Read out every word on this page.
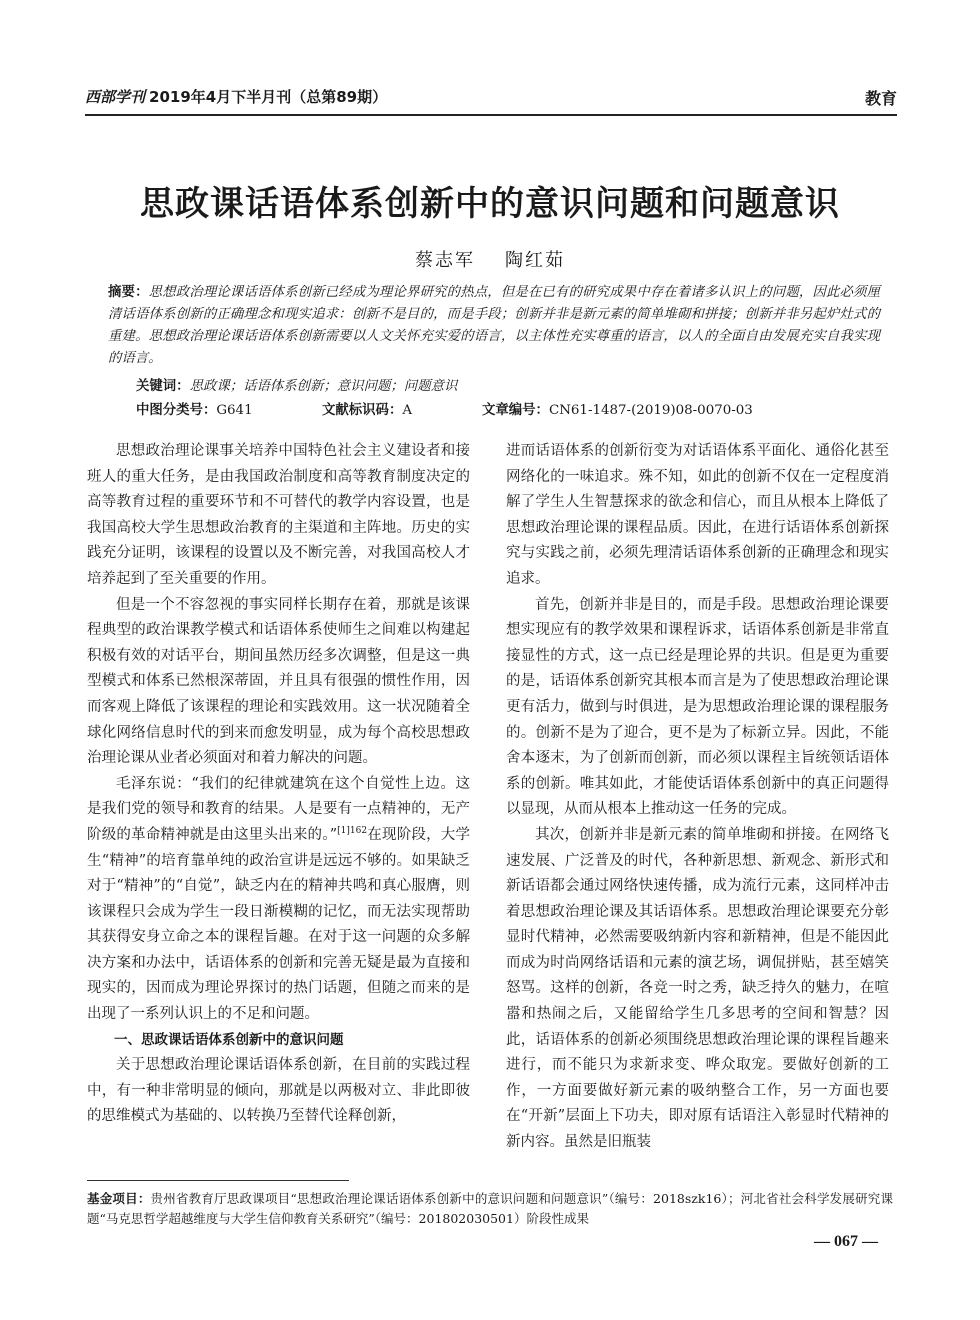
西部学刊 2019年4月下半月刊（总第89期）	教育
思政课话语体系创新中的意识问题和问题意识
蔡志军 陶红茹
摘要：思想政治理论课话语体系创新已经成为理论界研究的热点，但是在已有的研究成果中存在着诸多认识上的问题，因此必须厘清话语体系创新的正确理念和现实追求：创新不是目的，而是手段；创新并非是新元素的简单堆砌和拼接；创新并非另起炉灶式的重建。思想政治理论课话语体系创新需要以人文关怀充实爱的语言，以主体性充实尊重的语言，以人的全面自由发展充实自我实现的语言。
关键词：思政课；话语体系创新；意识问题；问题意识
中图分类号：G641	文献标识码：A	文章编号：CN61-1487-(2019)08-0070-03

思想政治理论课事关培养中国特色社会主义建设者和接班人的重大任务，是由我国政治制度和高等教育制度决定的高等教育过程的重要环节和不可替代的教学内容设置，也是我国高校大学生思想政治教育的主渠道和主阵地。历史的实践充分证明，该课程的设置以及不断完善，对我国高校人才培养起到了至关重要的作用。

但是一个不容忽视的事实同样长期存在着，那就是该课程典型的政治课教学模式和话语体系使师生之间难以构建起积极有效的对话平台，期间虽然历经多次调整，但是这一典型模式和体系已然根深蒂固，并且具有很强的惯性作用，因而客观上降低了该课程的理论和实践效用。这一状况随着全球化网络信息时代的到来而愈发明显，成为每个高校思想政治理论课从业者必须面对和着力解决的问题。

毛泽东说：“我们的纪律就建筑在这个自觉性上边。这是我们党的领导和教育的结果。人是要有一点精神的，无产阶级的革命精神就是由这里头出来的。”$^{[1]162}$在现阶段，大学生“精神”的培育靠单纯的政治宣讲是远远不够的。如果缺乏对于“精神”的“自觉”，缺乏内在的精神共鸣和真心服膺，则该课程只会成为学生一段日渐模糊的记忆，而无法实现帮助其获得安身立命之本的课程旨趣。在对于这一问题的众多解决方案和办法中，话语体系的创新和完善无疑是最为直接和现实的，因而成为理论界探讨的热门话题，但随之而来的是出现了一系列认识上的不足和问题。

一、思政课话语体系创新中的意识问题

关于思想政治理论课话语体系创新，在目前的实践过程中，有一种非常明显的倾向，那就是以两极对立、非此即彼的思维模式为基础的、以转换乃至替代诠释创新，

进而话语体系的创新衍变为对话语体系平面化、通俗化甚至网络化的一味追求。殊不知，如此的创新不仅在一定程度消解了学生人生智慧探求的欲念和信心，而且从根本上降低了思想政治理论课的课程品质。因此，在进行话语体系创新探究与实践之前，必须先理清话语体系创新的正确理念和现实追求。

首先，创新并非是目的，而是手段。思想政治理论课要想实现应有的教学效果和课程诉求，话语体系创新是非常直接显性的方式，这一点已经是理论界的共识。但是更为重要的是，话语体系创新究其根本而言是为了使思想政治理论课更有活力，做到与时俱进，是为思想政治理论课的课程服务的。创新不是为了迎合，更不是为了标新立异。因此，不能舍本逐末，为了创新而创新，而必须以课程主旨统领话语体系的创新。唯其如此，才能使话语体系创新中的真正问题得以显现，从而从根本上推动这一任务的完成。

其次，创新并非是新元素的简单堆砌和拼接。在网络飞速发展、广泛普及的时代，各种新思想、新观念、新形式和新话语都会通过网络快速传播，成为流行元素，这同样冲击着思想政治理论课及其话语体系。思想政治理论课要充分彰显时代精神，必然需要吸纳新内容和新精神，但是不能因此而成为时尚网络话语和元素的演艺场，调侃拼贴，甚至嬉笑怒骂。这样的创新，各竞一时之秀，缺乏持久的魅力，在喧嚣和热闹之后，又能留给学生几多思考的空间和智慧？因此，话语体系的创新必须围绕思想政治理论课的课程旨趣来进行，而不能只为求新求变、哗众取宠。要做好创新的工作，一方面要做好新元素的吸纳整合工作，另一方面也要在“开新”层面上下功夫，即对原有话语注入彰显时代精神的新内容。虽然是旧瓶装

基金项目：贵州省教育厅思政课项目“思想政治理论课话语体系创新中的意识问题和问题意识”（编号：2018szk16）；河北省社会科学发展研究课题“马克思哲学超越维度与大学生信仰教育关系研究”（编号：201802030501）阶段性成果
— 067 —
